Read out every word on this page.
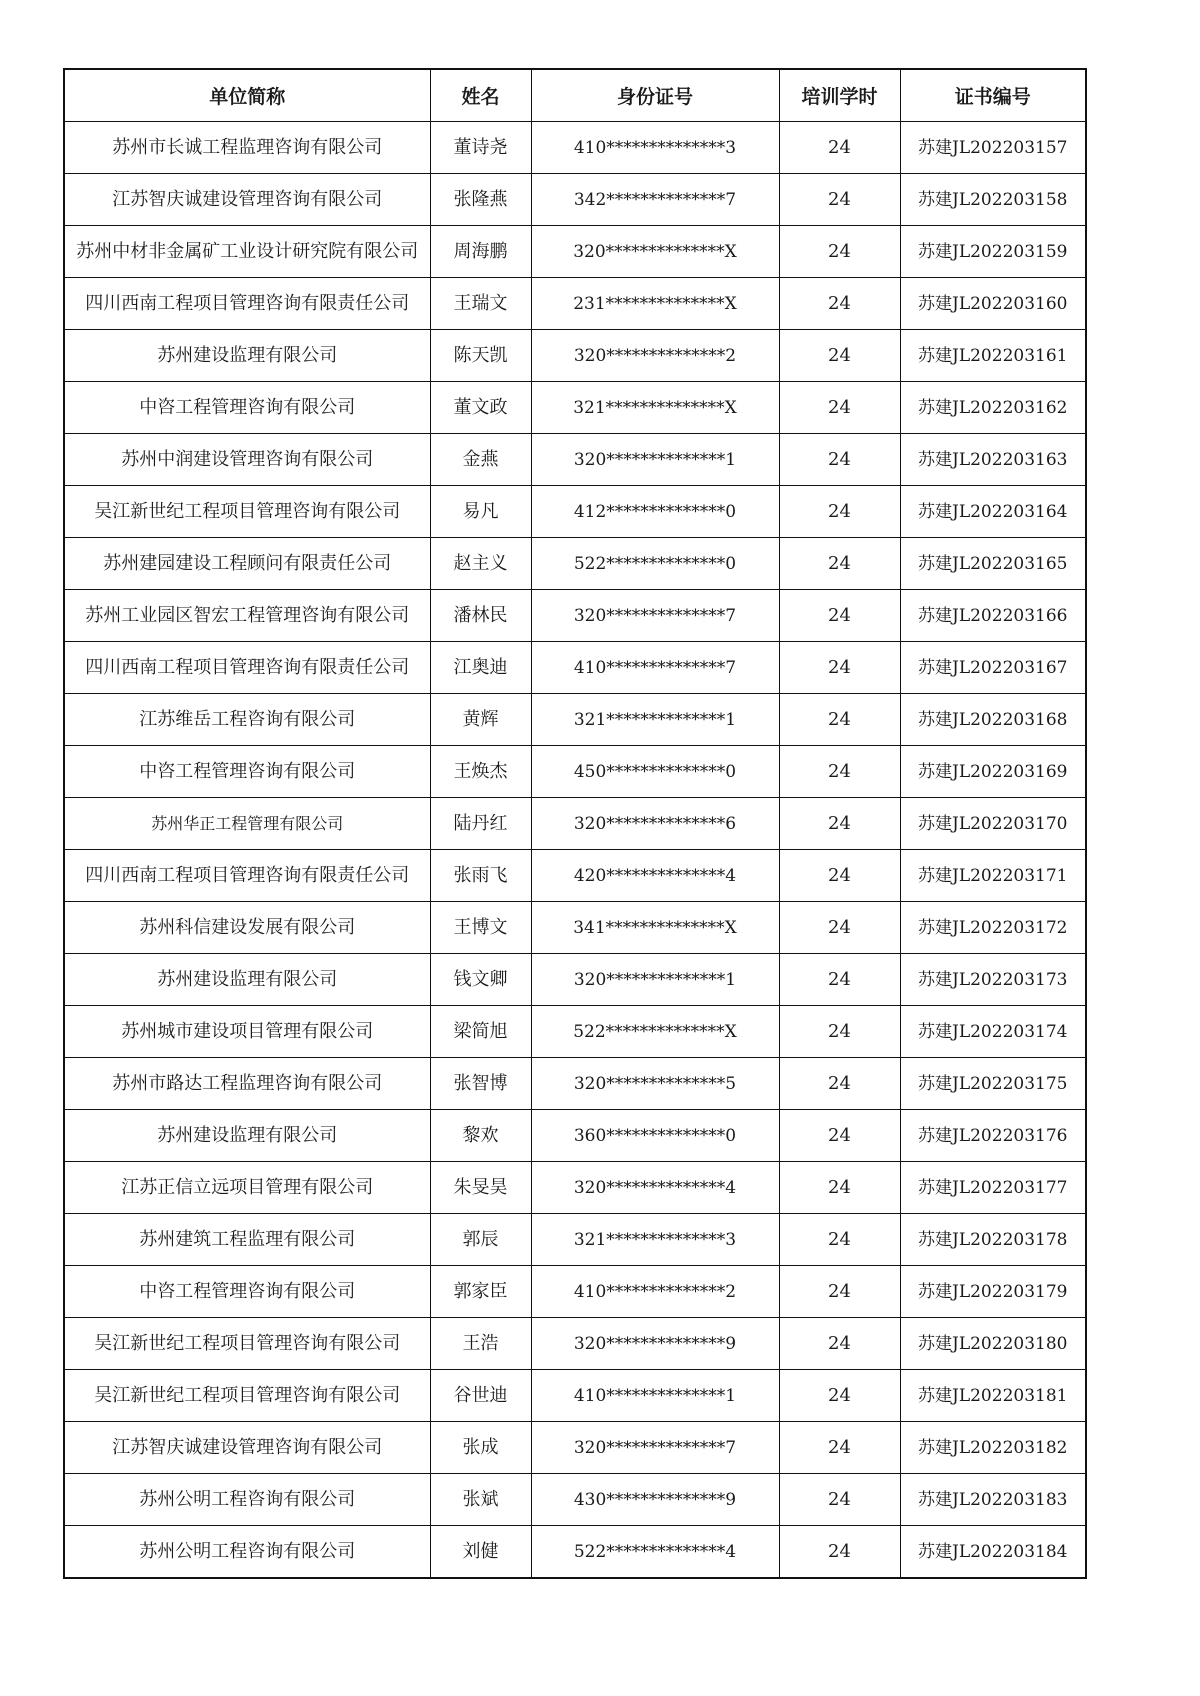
单位简称	姓名	身份证号	培训学时	证书编号
苏州市长诚工程监理咨询有限公司	董诗尧	410**************3	24	苏建JL202203157
江苏智庆诚建设管理咨询有限公司	张隆燕	342**************7	24	苏建JL202203158
苏州中材非金属矿工业设计研究院有限公司	周海鹏	320**************X	24	苏建JL202203159
四川西南工程项目管理咨询有限责任公司	王瑞文	231**************X	24	苏建JL202203160
苏州建设监理有限公司	陈天凯	320**************2	24	苏建JL202203161
中咨工程管理咨询有限公司	董文政	321**************X	24	苏建JL202203162
苏州中润建设管理咨询有限公司	金燕	320**************1	24	苏建JL202203163
吴江新世纪工程项目管理咨询有限公司	易凡	412**************0	24	苏建JL202203164
苏州建园建设工程顾问有限责任公司	赵主义	522**************0	24	苏建JL202203165
苏州工业园区智宏工程管理咨询有限公司	潘林民	320**************7	24	苏建JL202203166
四川西南工程项目管理咨询有限责任公司	江奥迪	410**************7	24	苏建JL202203167
江苏维岳工程咨询有限公司	黄辉	321**************1	24	苏建JL202203168
中咨工程管理咨询有限公司	王焕杰	450**************0	24	苏建JL202203169
苏州华正工程管理有限公司	陆丹红	320**************6	24	苏建JL202203170
四川西南工程项目管理咨询有限责任公司	张雨飞	420**************4	24	苏建JL202203171
苏州科信建设发展有限公司	王博文	341**************X	24	苏建JL202203172
苏州建设监理有限公司	钱文卿	320**************1	24	苏建JL202203173
苏州城市建设项目管理有限公司	梁简旭	522**************X	24	苏建JL202203174
苏州市路达工程监理咨询有限公司	张智博	320**************5	24	苏建JL202203175
苏州建设监理有限公司	黎欢	360**************0	24	苏建JL202203176
江苏正信立远项目管理有限公司	朱旻昊	320**************4	24	苏建JL202203177
苏州建筑工程监理有限公司	郭辰	321**************3	24	苏建JL202203178
中咨工程管理咨询有限公司	郭家臣	410**************2	24	苏建JL202203179
吴江新世纪工程项目管理咨询有限公司	王浩	320**************9	24	苏建JL202203180
吴江新世纪工程项目管理咨询有限公司	谷世迪	410**************1	24	苏建JL202203181
江苏智庆诚建设管理咨询有限公司	张成	320**************7	24	苏建JL202203182
苏州公明工程咨询有限公司	张斌	430**************9	24	苏建JL202203183
苏州公明工程咨询有限公司	刘健	522**************4	24	苏建JL202203184
